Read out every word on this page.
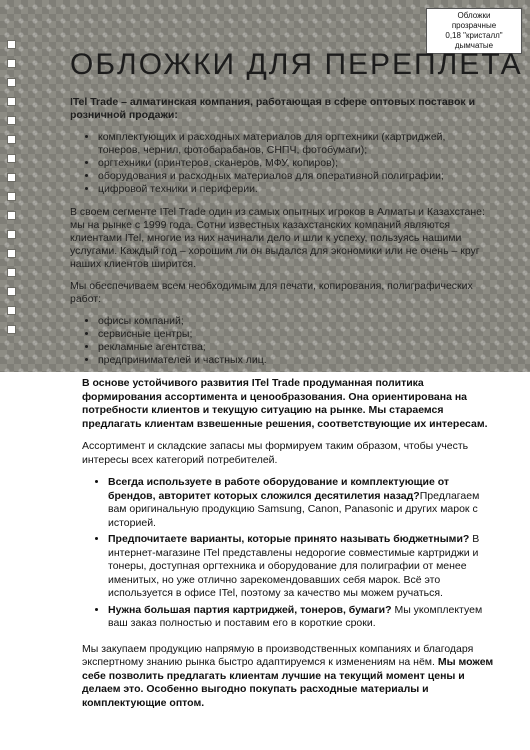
Обложки
прозрачные
0,18 "кристалл"
дымчатые
ОБЛОЖКИ ДЛЯ ПЕРЕПЛЕТА

ITel Trade – алматинская компания, работающая в сфере оптовых поставок и розничной продажи:

• комплектующих и расходных материалов для оргтехники (картриджей, тонеров, чернил, фотобарабанов, СНПЧ, фотобумаги);
• оргтехники (принтеров, сканеров, МФУ, копиров);
• оборудования и расходных материалов для оперативной полиграфии;
• цифровой техники и периферии.

В своем сегменте ITel Trade один из самых опытных игроков в Алматы и Казахстане: мы на рынке с 1999 года. Сотни известных казахстанских компаний являются клиентами ITel, многие из них начинали дело и шли к успеху, пользуясь нашими услугами. Каждый год – хорошим ли он выдался для экономики или не очень – круг наших клиентов ширится.

Мы обеспечиваем всем необходимым для печати, копирования, полиграфических работ:

• офисы компаний;
• сервисные центры;
• рекламные агентства;
• предпринимателей и частных лиц.

В основе устойчивого развития ITel Trade продуманная политика формирования ассортимента и ценообразования. Она ориентирована на потребности клиентов и текущую ситуацию на рынке. Мы стараемся предлагать клиентам взвешенные решения, соответствующие их интересам.

Ассортимент и складские запасы мы формируем таким образом, чтобы учесть интересы всех категорий потребителей.

• Всегда используете в работе оборудование и комплектующие от брендов, авторитет которых сложился десятилетия назад?Предлагаем вам оригинальную продукцию Samsung, Canon, Panasonic и других марок с историей.
• Предпочитаете варианты, которые принято называть бюджетными? В интернет-магазине ITel представлены недорогие совместимые картриджи и тонеры, доступная оргтехника и оборудование для полиграфии от менее именитых, но уже отлично зарекомендовавших себя марок. Всё это используется в офисе ITel, поэтому за качество мы можем ручаться.
• Нужна большая партия картриджей, тонеров, бумаги? Мы укомплектуем ваш заказ полностью и поставим его в короткие сроки.

Мы закупаем продукцию напрямую в производственных компаниях и благодаря экспертному знанию рынка быстро адаптируемся к изменениям на нём. Мы можем себе позволить предлагать клиентам лучшие на текущий момент цены и делаем это. Особенно выгодно покупать расходные материалы и комплектующие оптом.
